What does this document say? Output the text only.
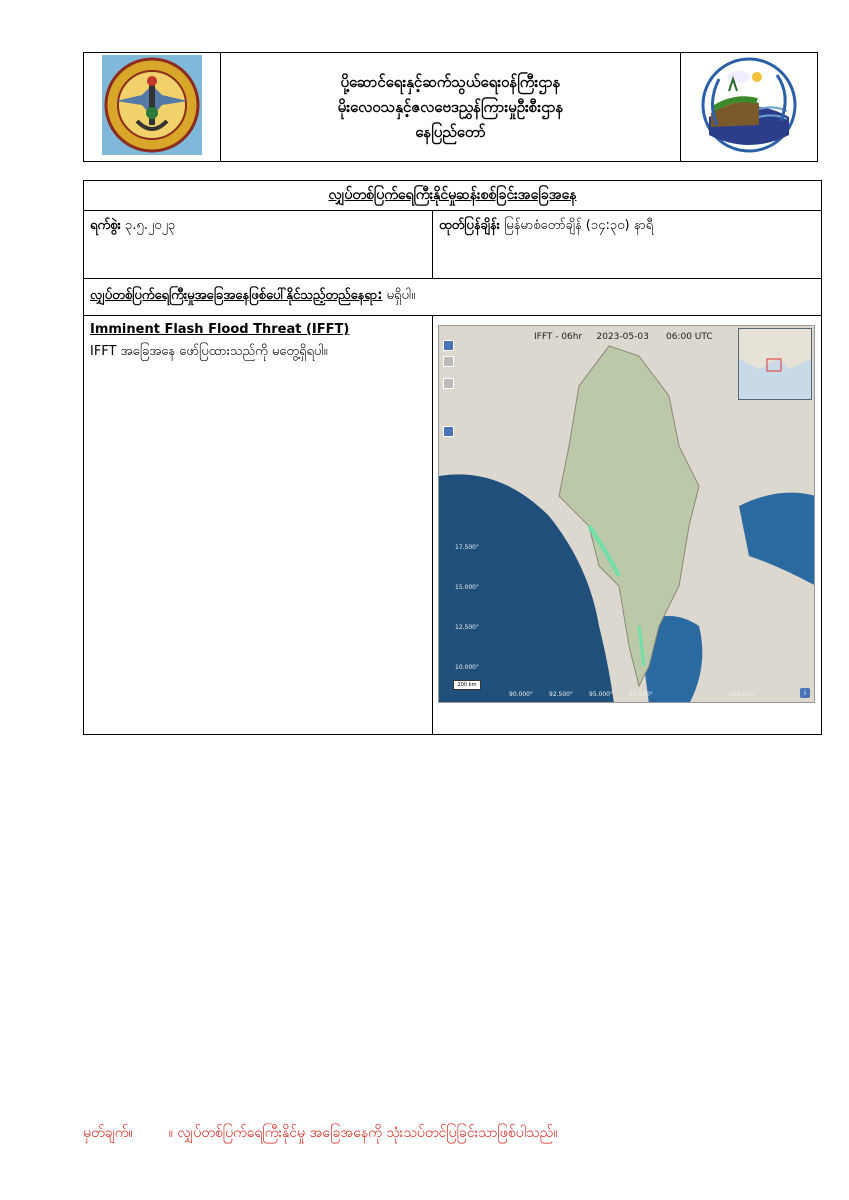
ပို့ဆောင်ရေးနှင့်ဆက်သွယ်ရေးဝန်ကြီးဌာန
မိုးလေဝသနှင့်ဇလဗေဒညွှန်ကြားမှုဦးစီးဌာန
နေပြည်တော်

လျှပ်တစ်ပြက်ရေကြီးနိုင်မှုဆန်းစစ်ခြင်းအခြေအနေ	
ရက်စွဲး ၃.၅.၂၀၂၃	ထုတ်ပြန်ချိန်း မြန်မာစံတော်ချိန် (၁၄:၃၀) နာရီ
လျှပ်တစ်ပြက်ရေကြီးမှုအခြေအနေဖြစ်ပေါ်နိုင်သည့်တည်နေရာ: မရှိပါ။	

Imminent Flash Flood Threat (IFFT)
IFFT အခြေအနေ ဖော်ပြထားသည်ကို မတွေ့ရှိရပါ။	

IFFT - 06hr 2023-05-03 06:00 UTC
17.500°
15.000°
12.500°
10.000°
90.000°	92.500°	95.000°	97.500°	102.500°
200 km
i
မှတ်ချက်။	။ လျှပ်တစ်ပြက်ရေကြီးနိုင်မှု အခြေအနေကို သုံးသပ်တင်ပြခြင်းသာဖြစ်ပါသည်။
